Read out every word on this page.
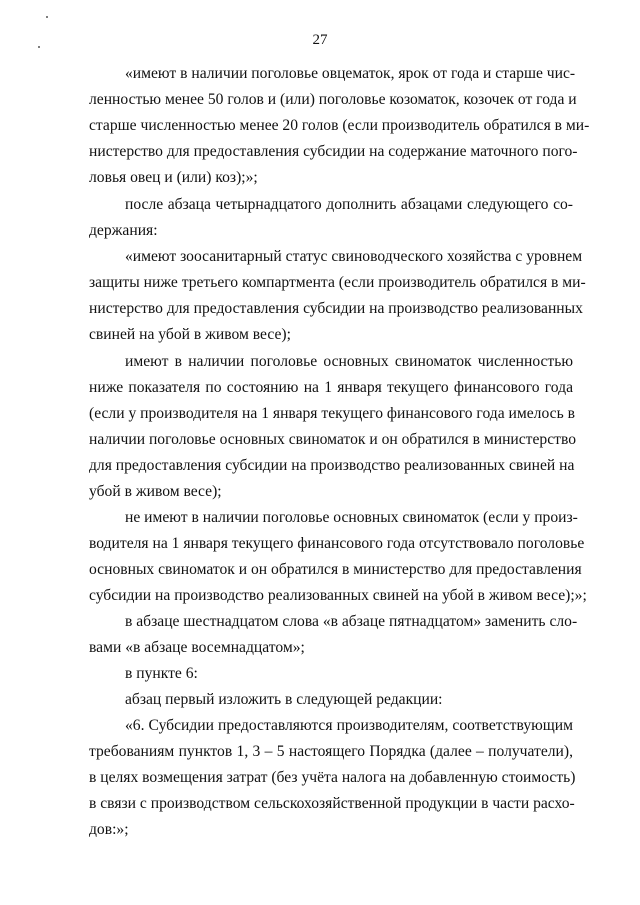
27
«имеют в наличии поголовье овцематок, ярок от года и старше чис-
ленностью менее 50 голов и (или) поголовье козоматок, козочек от года и
старше численностью менее 20 голов (если производитель обратился в ми-
нистерство для предоставления субсидии на содержание маточного пого-
ловья овец и (или) коз);»;
после абзаца четырнадцатого дополнить абзацами следующего со-
держания:
«имеют зоосанитарный статус свиноводческого хозяйства с уровнем
защиты ниже третьего компартмента (если производитель обратился в ми-
нистерство для предоставления субсидии на производство реализованных
свиней на убой в живом весе);
имеют в наличии поголовье основных свиноматок численностью
ниже показателя по состоянию на 1 января текущего финансового года
(если у производителя на 1 января текущего финансового года имелось в
наличии поголовье основных свиноматок и он обратился в министерство
для предоставления субсидии на производство реализованных свиней на
убой в живом весе);
не имеют в наличии поголовье основных свиноматок (если у произ-
водителя на 1 января текущего финансового года отсутствовало поголовье
основных свиноматок и он обратился в министерство для предоставления
субсидии на производство реализованных свиней на убой в живом весе);»;
в абзаце шестнадцатом слова «в абзаце пятнадцатом» заменить сло-
вами «в абзаце восемнадцатом»;
в пункте 6:
абзац первый изложить в следующей редакции:
«6. Субсидии предоставляются производителям, соответствующим
требованиям пунктов 1, 3 – 5 настоящего Порядка (далее – получатели),
в целях возмещения затрат (без учёта налога на добавленную стоимость)
в связи с производством сельскохозяйственной продукции в части расхо-
дов:»;
